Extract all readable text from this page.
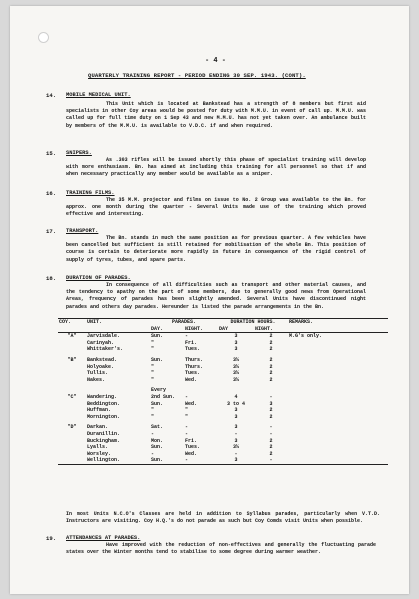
- 4 -
QUARTERLY TRAINING REPORT - PERIOD ENDING 30 SEP. 1943. (CONT).
14. MOBILE MEDICAL UNIT.

This Unit which is located at Bankstead has a strength of 8 members but first aid specialists in other Coy areas would be posted for duty with M.M.U. in event of call up. M.M.U. was called up for full time duty on 1 Sep 43 and new M.M.U. has not yet taken over. An ambulance built by members of the M.M.U. is available to V.D.C. if and when required.

15. SNIPERS.

As .303 rifles will be issued shortly this phase of specialist training will develop with more enthusiasm. Bn. has aimed at including this training for all personnel so that if and when necessary practically any member would be available as a sniper.

16. TRAINING FILMS.

The 35 M.M. projector and films on issue to No. 2 Group was available to the Bn. for approx. one month during the quarter - Several Units made use of the training which proved effective and interesting.

17. TRANSPORT.

The Bn. stands in much the same position as for previous quarter. A few vehicles have been cancelled but sufficient is still retained for mobilisation of the whole Bn. This position of course is certain to deteriorate more rapidly in future in consequence of the rigid control of supply of tyres, tubes, and spare parts.

18. DURATION OF PARADES.

In consequence of all difficulties such as transport and other material causes, and the tendency to apathy on the part of some members, due to generally good news from Operational Areas, frequency of parades has been slightly amended. Several Units have discontinued night parades and others day parades. Hereunder is listed the parade arrangements in the Bn.

COY.	UNIT.	PARADES.		DURATION HOURS.		REMARKS.
		DAY.	NIGHT.	DAY	NIGHT.	
"A"	Jarvisdale.	Sun.	-	3	2	M.G's only.
	Carinyah.	"	Fri.	3	2	
	Whittaker's.	"	Tues.	3	2	
"B"	Bankstead.	Sun.	Thurs.	3½	2	
	Holyoake.	"	Thurs.	3½	2	
	Tullis.	"	Tues.	3½	2	
	Nakes.	"	Wed.	3½	2	
		Every				
"C"	Wandering.	2nd Sun.	-	4	-	
	Beddington.	Sun.	Wed.	3 to 4	3	
	Huffman.	"	"	3	2	
	Mornington.	"	"	3	2	
"D"	Darkan.	Sat.	-	3	-	
	Duranillin.	-	-	-	-	
	Buckingham.	Mon.	Fri.	3	2	
	Lyalls.	Sun.	Tues.	3½	2	
	Worsley.	-	Wed.	-	2	
	Wellington.	Sun.	-	3	-	

In most Units N.C.O's Classes are held in addition to Syllabus parades, particularly when V.T.D. Instructors are visiting. Coy H.Q.'s do not parade as such but Coy Comds visit Units when possible.

19. ATTENDANCES AT PARADES.

Have improved with the reduction of non-effectives and generally the fluctuating parade states over the Winter months tend to stabilise to some degree during warmer weather.
